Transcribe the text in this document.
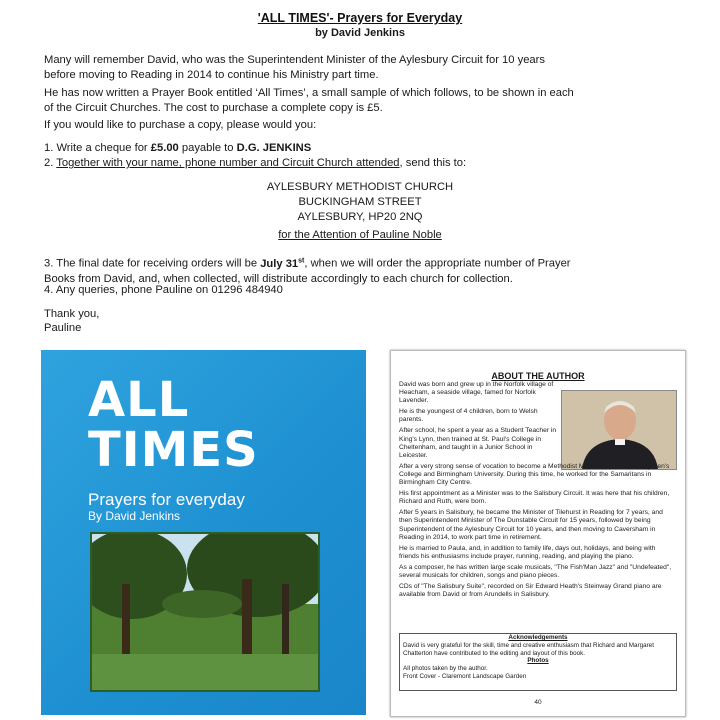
'ALL TIMES'- Prayers for Everyday
by David Jenkins
Many will remember David, who was the Superintendent Minister of the Aylesbury Circuit for 10 years
before moving to Reading in 2014 to continue his Ministry part time.
He has now written a Prayer Book entitled ‘All Times’, a small sample of which follows, to be shown in each
of the Circuit Churches. The cost to purchase a complete copy is £5.
If you would like to purchase a copy, please would you:
1. Write a cheque for £5.00 payable to D.G. JENKINS
2. Together with your name, phone number and Circuit Church attended, send this to:
AYLESBURY METHODIST CHURCH
BUCKINGHAM STREET
AYLESBURY, HP20 2NQ
for the Attention of Pauline Noble
3. The final date for receiving orders will be July 31st, when we will order the appropriate number of Prayer
Books from David, and, when collected, will distribute accordingly to each church for collection.
4. Any queries, phone Pauline on 01296 484940
Thank you,
Pauline
ALL
TIMES
Prayers for everyday
By David Jenkins
ABOUT THE AUTHOR

David was born and grew up in the Norfolk village of Heacham, a seaside village, famed for Norfolk Lavender.

He is the youngest of 4 children, born to Welsh parents.

After school, he spent a year as a Student Teacher in King's Lynn, then trained at St. Paul's College in Cheltenham, and taught in a Junior School in Leicester.

After a very strong sense of vocation to become a Methodist Minister, he trained at Queen's College and Birmingham University. During this time, he worked for the Samaritans in Birmingham City Centre.

His first appointment as a Minister was to the Salisbury Circuit. It was here that his children, Richard and Ruth, were born.

After 5 years in Salisbury, he became the Minister of Tilehurst in Reading for 7 years, and then Superintendent Minister of The Dunstable Circuit for 15 years, followed by being Superintendent of the Aylesbury Circuit for 10 years, and then moving to Caversham in Reading in 2014, to work part time in retirement.

He is married to Paula, and, in addition to family life, days out, holidays, and being with friends his enthusiasms include prayer, running, reading, and playing the piano.

As a composer, he has written large scale musicals, "The Fish'Man Jazz" and "Undefeated", several musicals for children, songs and piano pieces.

CDs of "The Salisbury Suite", recorded on Sir Edward Heath's Steinway Grand piano are available from David or from Arundells in Salisbury.

Acknowledgements
David is very grateful for the skill, time and creative enthusiasm that Richard and Margaret Chatterton have contributed to the editing and layout of this book.
Photos
All photos taken by the author.
Front Cover - Claremont Landscape Garden
40
